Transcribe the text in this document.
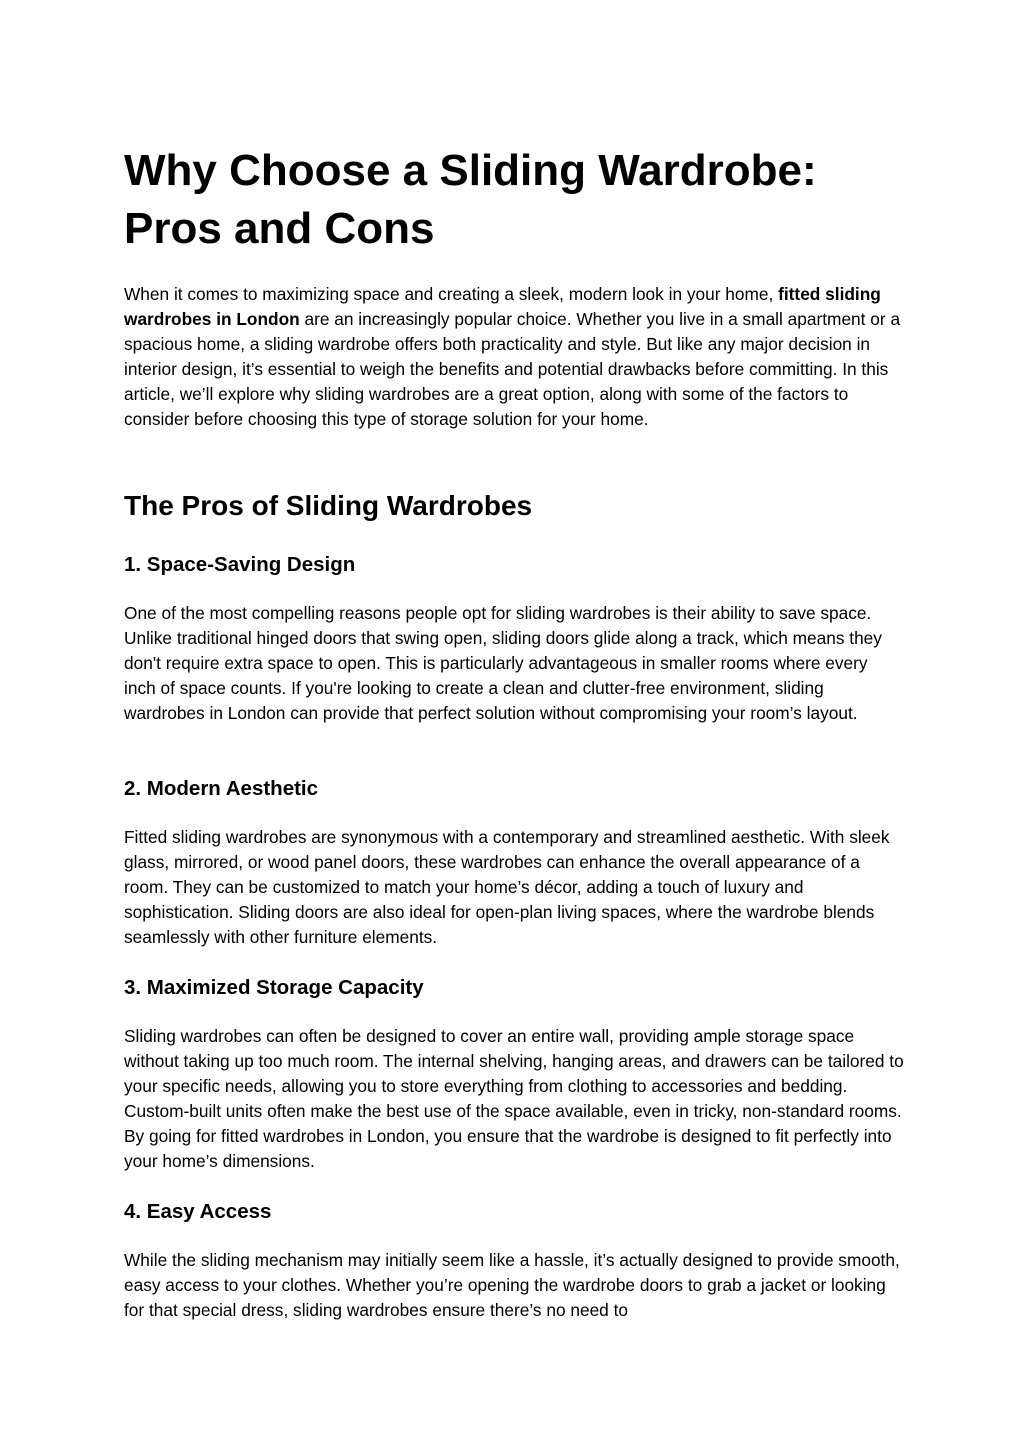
Why Choose a Sliding Wardrobe: Pros and Cons

When it comes to maximizing space and creating a sleek, modern look in your home, fitted sliding wardrobes in London are an increasingly popular choice. Whether you live in a small apartment or a spacious home, a sliding wardrobe offers both practicality and style. But like any major decision in interior design, it’s essential to weigh the benefits and potential drawbacks before committing. In this article, we’ll explore why sliding wardrobes are a great option, along with some of the factors to consider before choosing this type of storage solution for your home.

The Pros of Sliding Wardrobes
1. Space-Saving Design

One of the most compelling reasons people opt for sliding wardrobes is their ability to save space. Unlike traditional hinged doors that swing open, sliding doors glide along a track, which means they don't require extra space to open. This is particularly advantageous in smaller rooms where every inch of space counts. If you're looking to create a clean and clutter-free environment, sliding wardrobes in London can provide that perfect solution without compromising your room’s layout.

2. Modern Aesthetic

Fitted sliding wardrobes are synonymous with a contemporary and streamlined aesthetic. With sleek glass, mirrored, or wood panel doors, these wardrobes can enhance the overall appearance of a room. They can be customized to match your home’s décor, adding a touch of luxury and sophistication. Sliding doors are also ideal for open-plan living spaces, where the wardrobe blends seamlessly with other furniture elements.

3. Maximized Storage Capacity

Sliding wardrobes can often be designed to cover an entire wall, providing ample storage space without taking up too much room. The internal shelving, hanging areas, and drawers can be tailored to your specific needs, allowing you to store everything from clothing to accessories and bedding. Custom-built units often make the best use of the space available, even in tricky, non-standard rooms. By going for fitted wardrobes in London, you ensure that the wardrobe is designed to fit perfectly into your home’s dimensions.

4. Easy Access

While the sliding mechanism may initially seem like a hassle, it’s actually designed to provide smooth, easy access to your clothes. Whether you’re opening the wardrobe doors to grab a jacket or looking for that special dress, sliding wardrobes ensure there’s no need to
